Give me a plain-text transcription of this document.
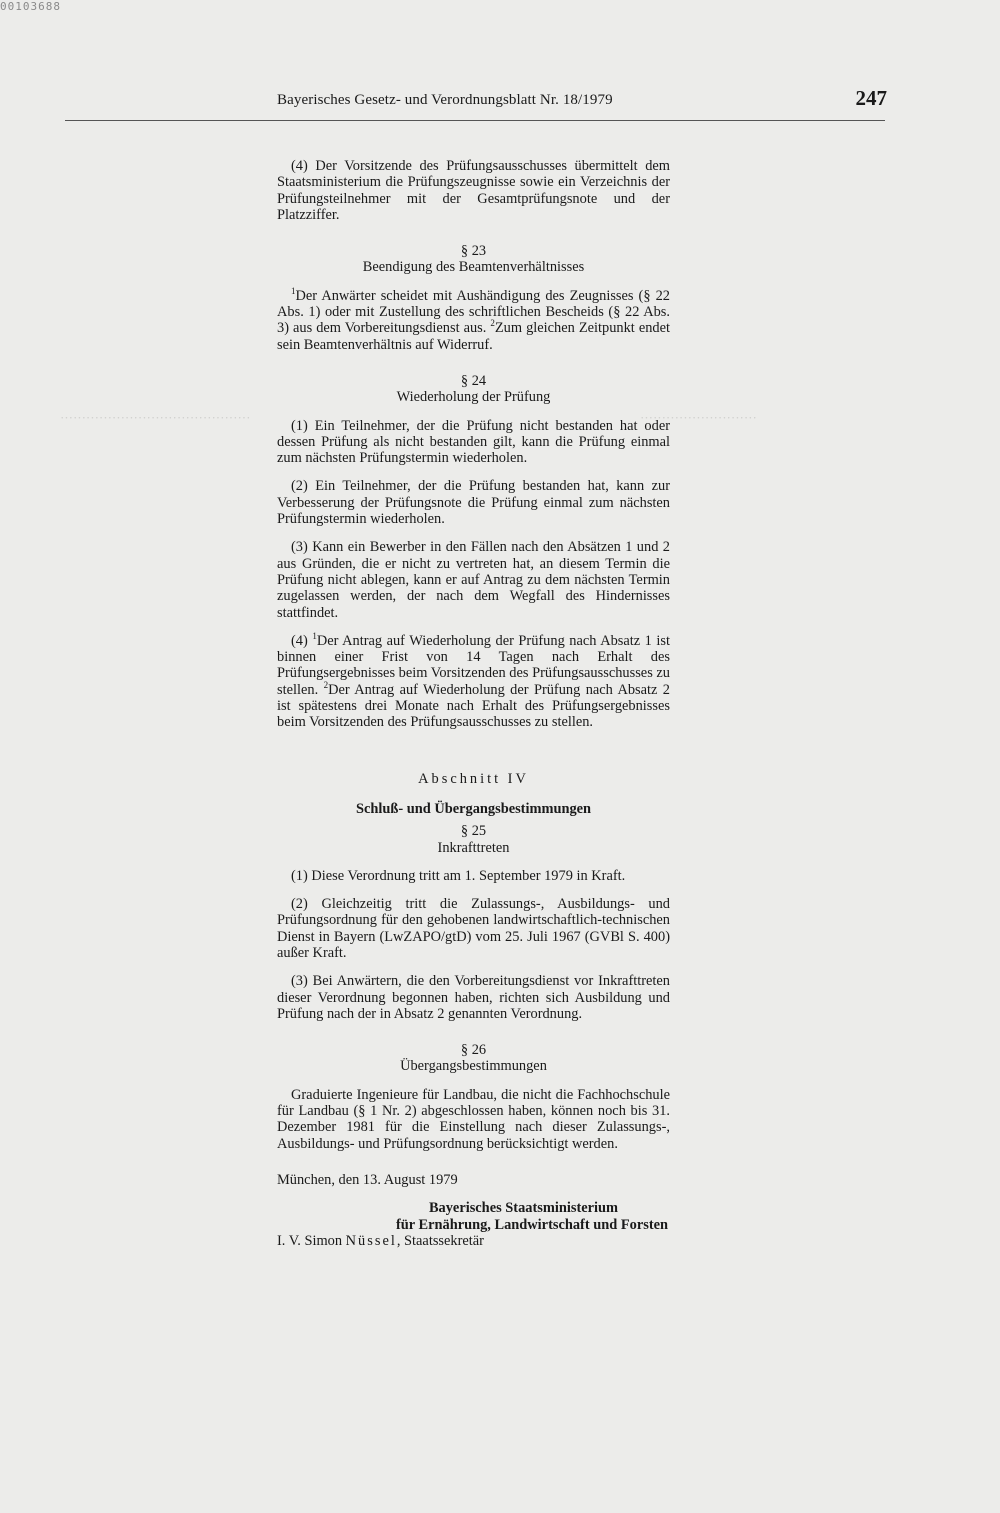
00103688
Bayerisches Gesetz- und Verordnungsblatt Nr. 18/1979	247
············································	···························

(4) Der Vorsitzende des Prüfungsausschusses übermittelt dem Staatsministerium die Prüfungszeugnisse sowie ein Verzeichnis der Prüfungsteilnehmer mit der Gesamtprüfungsnote und der Platzziffer.

§ 23

Beendigung des Beamtenverhältnisses

$^1$Der Anwärter scheidet mit Aushändigung des Zeugnisses (§ 22 Abs. 1) oder mit Zustellung des schriftlichen Bescheids (§ 22 Abs. 3) aus dem Vorbereitungsdienst aus. $^2$Zum gleichen Zeitpunkt endet sein Beamtenverhältnis auf Widerruf.

§ 24

Wiederholung der Prüfung

(1) Ein Teilnehmer, der die Prüfung nicht bestanden hat oder dessen Prüfung als nicht bestanden gilt, kann die Prüfung einmal zum nächsten Prüfungstermin wiederholen.

(2) Ein Teilnehmer, der die Prüfung bestanden hat, kann zur Verbesserung der Prüfungsnote die Prüfung einmal zum nächsten Prüfungstermin wiederholen.

(3) Kann ein Bewerber in den Fällen nach den Absätzen 1 und 2 aus Gründen, die er nicht zu vertreten hat, an diesem Termin die Prüfung nicht ablegen, kann er auf Antrag zu dem nächsten Termin zugelassen werden, der nach dem Wegfall des Hindernisses stattfindet.

(4) $^1$Der Antrag auf Wiederholung der Prüfung nach Absatz 1 ist binnen einer Frist von 14 Tagen nach Erhalt des Prüfungsergebnisses beim Vorsitzenden des Prüfungsausschusses zu stellen. $^2$Der Antrag auf Wiederholung der Prüfung nach Absatz 2 ist spätestens drei Monate nach Erhalt des Prüfungsergebnisses beim Vorsitzenden des Prüfungsausschusses zu stellen.

Abschnitt IV

Schluß- und Übergangsbestimmungen

§ 25

Inkrafttreten

(1) Diese Verordnung tritt am 1. September 1979 in Kraft.

(2) Gleichzeitig tritt die Zulassungs-, Ausbildungs- und Prüfungsordnung für den gehobenen landwirtschaftlich-technischen Dienst in Bayern (LwZAPO/gtD) vom 25. Juli 1967 (GVBl S. 400) außer Kraft.

(3) Bei Anwärtern, die den Vorbereitungsdienst vor Inkrafttreten dieser Verordnung begonnen haben, richten sich Ausbildung und Prüfung nach der in Absatz 2 genannten Verordnung.

§ 26

Übergangsbestimmungen

Graduierte Ingenieure für Landbau, die nicht die Fachhochschule für Landbau (§ 1 Nr. 2) abgeschlossen haben, können noch bis 31. Dezember 1981 für die Einstellung nach dieser Zulassungs-, Ausbildungs- und Prüfungsordnung berücksichtigt werden.

München, den 13. August 1979

Bayerisches Staatsministerium

für Ernährung, Landwirtschaft und Forsten

I. V. Simon Nüssel, Staatssekretär
